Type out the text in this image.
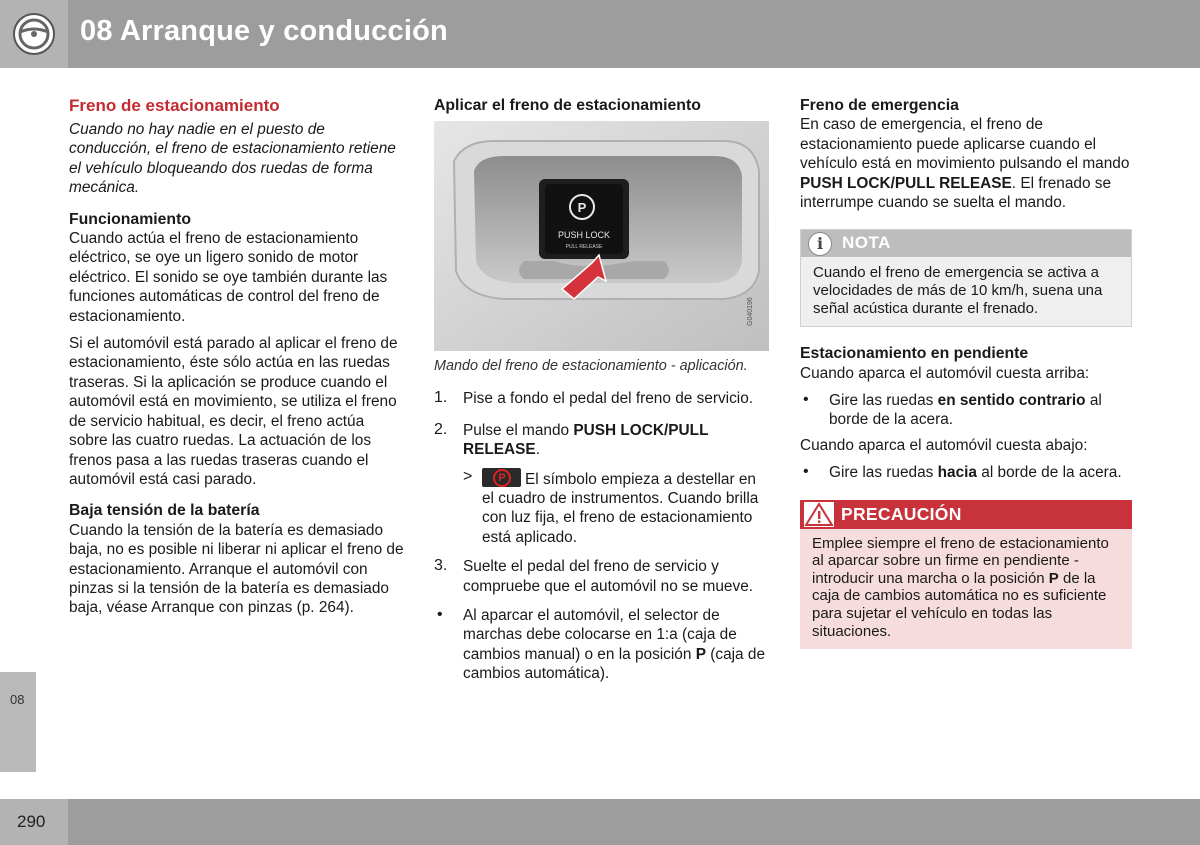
08 Arranque y conducción
08
290
Freno de estacionamiento

Cuando no hay nadie en el puesto de conducción, el freno de estacionamiento retiene el vehículo bloqueando dos ruedas de forma mecánica.

Funcionamiento

Cuando actúa el freno de estacionamiento eléctrico, se oye un ligero sonido de motor eléctrico. El sonido se oye también durante las funciones automáticas de control del freno de estacionamiento.

Si el automóvil está parado al aplicar el freno de estacionamiento, éste sólo actúa en las ruedas traseras. Si la aplicación se produce cuando el automóvil está en movimiento, se utiliza el freno de servicio habitual, es decir, el freno actúa sobre las cuatro ruedas. La actuación de los frenos pasa a las ruedas traseras cuando el automóvil está casi parado.

Baja tensión de la batería

Cuando la tensión de la batería es demasiado baja, no es posible ni liberar ni aplicar el freno de estacionamiento. Arranque el automóvil con pinzas si la tensión de la batería es demasiado baja, véase Arranque con pinzas (p. 264).

Aplicar el freno de estacionamiento
P
PUSH LOCK
PULL RELEASE
G040196
Mando del freno de estacionamiento - aplicación.
1. Pise a fondo el pedal del freno de servicio.

2. Pulse el mando PUSH LOCK/PULL RELEASE.

>	P	El símbolo empieza a destellar en el cuadro de instrumentos. Cuando brilla con luz fija, el freno de estacionamiento está aplicado.

3. Suelte el pedal del freno de servicio y compruebe que el automóvil no se mueve.

• Al aparcar el automóvil, el selector de marchas debe colocarse en 1:a (caja de cambios manual) o en la posición P (caja de cambios automática).

Freno de emergencia

En caso de emergencia, el freno de estacionamiento puede aplicarse cuando el vehículo está en movimiento pulsando el mando PUSH LOCK/PULL RELEASE. El frenado se interrumpe cuando se suelta el mando.

i	NOTA

Cuando el freno de emergencia se activa a velocidades de más de 10 km/h, suena una señal acústica durante el frenado.

Estacionamiento en pendiente

Cuando aparca el automóvil cuesta arriba:

• Gire las ruedas en sentido contrario al borde de la acera.

Cuando aparca el automóvil cuesta abajo:

• Gire las ruedas hacia al borde de la acera.

PRECAUCIÓN

Emplee siempre el freno de estacionamiento al aparcar sobre un firme en pendiente - introducir una marcha o la posición P de la caja de cambios automática no es suficiente para sujetar el vehículo en todas las situaciones.
